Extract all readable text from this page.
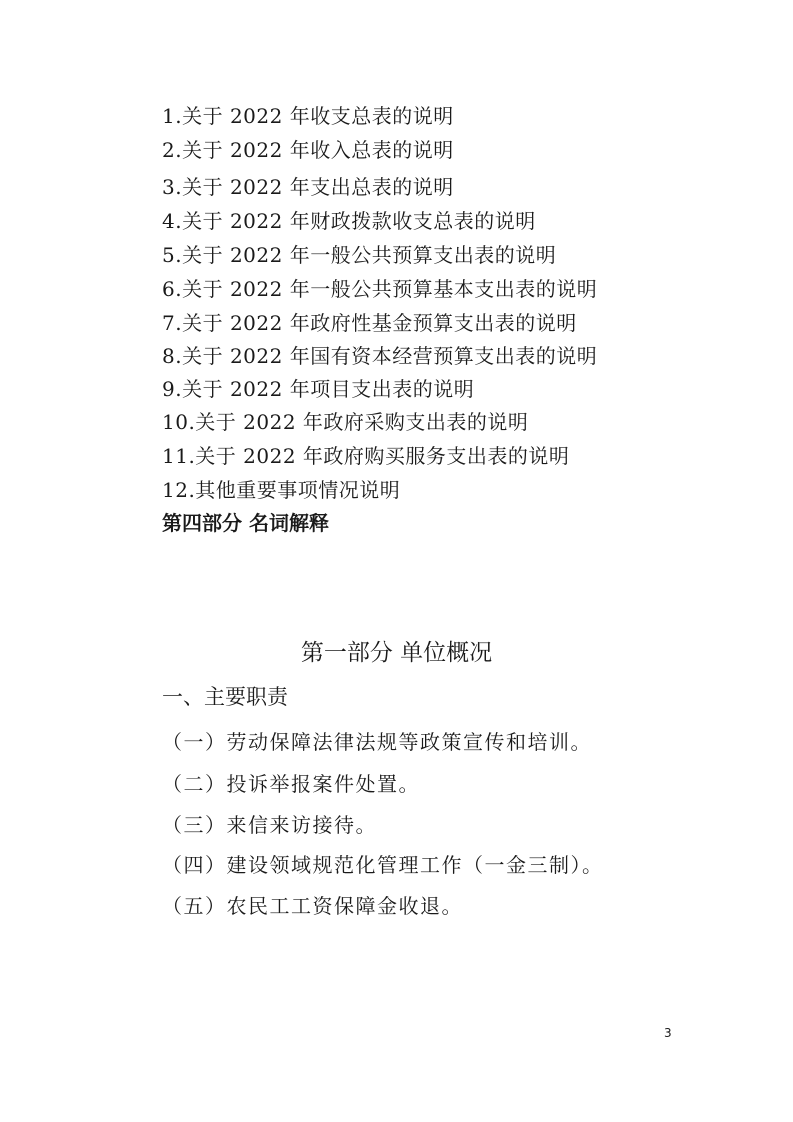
1.关于 2022 年收支总表的说明
2.关于 2022 年收入总表的说明
3.关于 2022 年支出总表的说明
4.关于 2022 年财政拨款收支总表的说明
5.关于 2022 年一般公共预算支出表的说明
6.关于 2022 年一般公共预算基本支出表的说明
7.关于 2022 年政府性基金预算支出表的说明
8.关于 2022 年国有资本经营预算支出表的说明
9.关于 2022 年项目支出表的说明
10.关于 2022 年政府采购支出表的说明
11.关于 2022 年政府购买服务支出表的说明
12.其他重要事项情况说明
第四部分 名词解释
第一部分 单位概况
一、主要职责
（一）劳动保障法律法规等政策宣传和培训。
（二）投诉举报案件处置。
（三）来信来访接待。
（四）建设领域规范化管理工作（一金三制）。
（五）农民工工资保障金收退。
3
